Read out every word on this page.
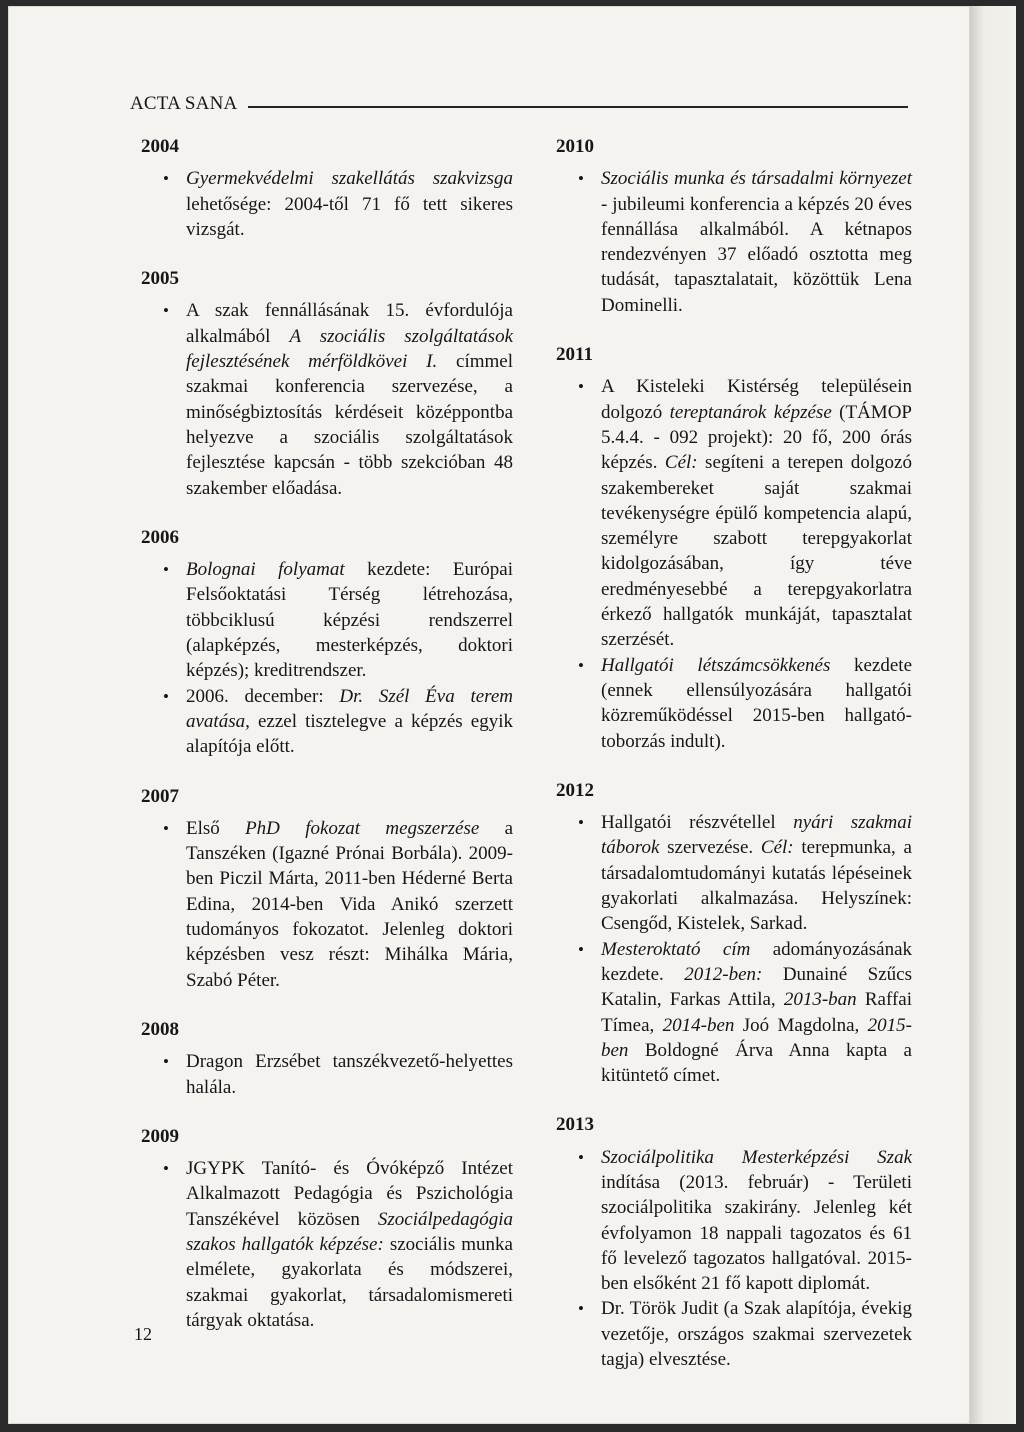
ACTA SANA
2004
• Gyermekvédelmi szakellátás szakvizsga lehetősége: 2004-től 71 fő tett sikeres vizsgát.
2005
• A szak fennállásának 15. évfordulója alkalmából A szociális szolgáltatások fejlesztésének mérföldkövei I. címmel szakmai konferencia szervezése, a minőségbiztosítás kérdéseit középpontba helyezve a szociális szolgáltatások fejlesztése kapcsán - több szekcióban 48 szakember előadása.
2006
• Bolognai folyamat kezdete: Európai Felsőoktatási Térség létrehozása, többciklusú képzési rendszerrel (alapképzés, mesterképzés, doktori képzés); kreditrendszer.
• 2006. december: Dr. Szél Éva terem avatása, ezzel tisztelegve a képzés egyik alapítója előtt.
2007
• Első PhD fokozat megszerzése a Tanszéken (Igazné Prónai Borbála). 2009-ben Piczil Márta, 2011-ben Héderné Berta Edina, 2014-ben Vida Anikó szerzett tudományos fokozatot. Jelenleg doktori képzésben vesz részt: Mihálka Mária, Szabó Péter.
2008
• Dragon Erzsébet tanszékvezető-helyettes halála.
2009
• JGYPK Tanító- és Óvóképző Intézet Alkalmazott Pedagógia és Pszichológia Tanszékével közösen Szociálpedagógia szakos hallgatók képzése: szociális munka elmélete, gyakorlata és módszerei, szakmai gyakorlat, társadalomismereti tárgyak oktatása.
2010
• Szociális munka és társadalmi környezet - jubileumi konferencia a képzés 20 éves fennállása alkalmából. A kétnapos rendezvényen 37 előadó osztotta meg tudását, tapasztalatait, közöttük Lena Dominelli.
2011
• A Kisteleki Kistérség településein dolgozó tereptanárok képzése (TÁMOP 5.4.4. - 092 projekt): 20 fő, 200 órás képzés. Cél: segíteni a terepen dolgozó szakembereket saját szakmai tevékenységre épülő kompetencia alapú, személyre szabott terepgyakorlat kidolgozásában, így téve eredményesebbé a terepgyakorlatra érkező hallgatók munkáját, tapasztalat szerzését.
• Hallgatói létszámcsökkenés kezdete (ennek ellensúlyozására hallgatói közreműködéssel 2015-ben hallgató-toborzás indult).
2012
• Hallgatói részvétellel nyári szakmai táborok szervezése. Cél: terepmunka, a társadalomtudományi kutatás lépéseinek gyakorlati alkalmazása. Helyszínek: Csengőd, Kistelek, Sarkad.
• Mesteroktató cím adományozásának kezdete. 2012-ben: Dunainé Szűcs Katalin, Farkas Attila, 2013-ban Raffai Tímea, 2014-ben Joó Magdolna, 2015-ben Boldogné Árva Anna kapta a kitüntető címet.
2013
• Szociálpolitika Mesterképzési Szak indítása (2013. február) - Területi szociálpolitika szakirány. Jelenleg két évfolyamon 18 nappali tagozatos és 61 fő levelező tagozatos hallgatóval. 2015-ben elsőként 21 fő kapott diplomát.
• Dr. Török Judit (a Szak alapítója, évekig vezetője, országos szakmai szervezetek tagja) elvesztése.
12
